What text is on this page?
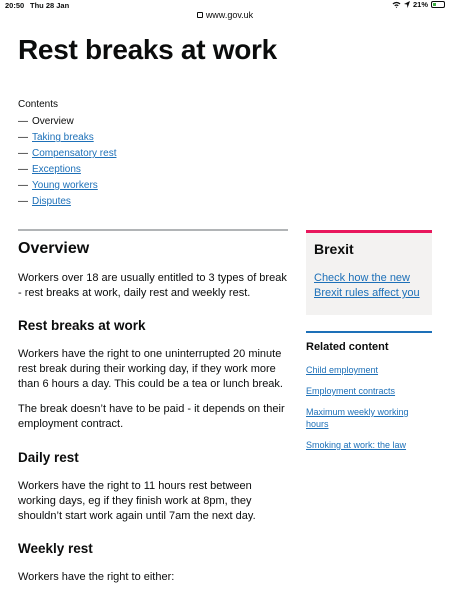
20:50 Thu 28 Jan	21%
www.gov.uk
Rest breaks at work
Contents
— Overview
— Taking breaks
— Compensatory rest
— Exceptions
— Young workers
— Disputes
Overview

Workers over 18 are usually entitled to 3 types of break - rest breaks at work, daily rest and weekly rest.

Rest breaks at work

Workers have the right to one uninterrupted 20 minute rest break during their working day, if they work more than 6 hours a day. This could be a tea or lunch break.

The break doesn’t have to be paid - it depends on their employment contract.

Daily rest

Workers have the right to 11 hours rest between working days, eg if they finish work at 8pm, they shouldn’t start work again until 7am the next day.

Weekly rest

Workers have the right to either:

Brexit
Check how the new Brexit rules affect you
Related content
Child employment
Employment contracts
Maximum weekly working hours
Smoking at work: the law
